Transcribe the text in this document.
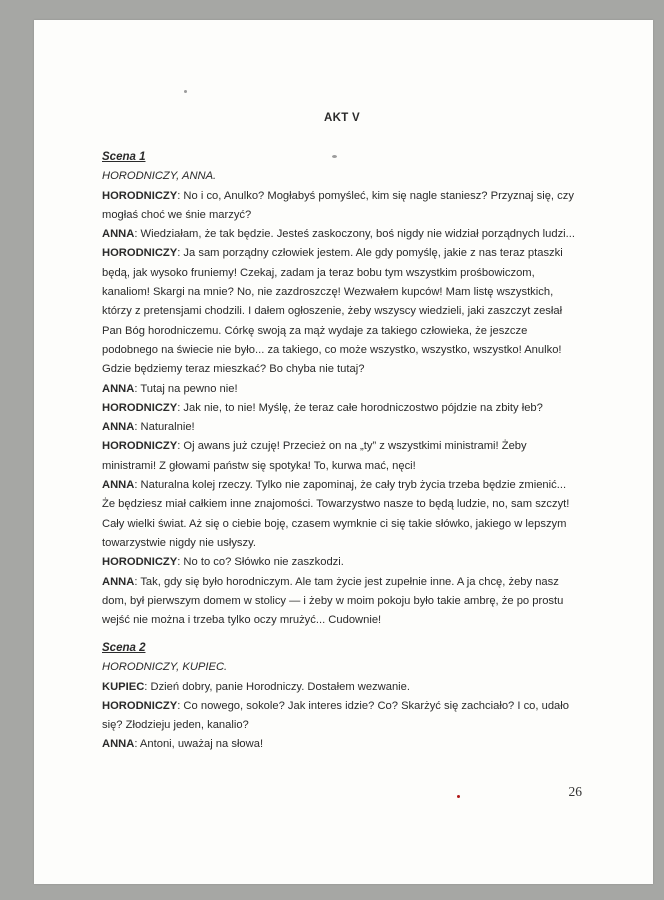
AKT V

Scena 1

HORODNICZY, ANNA.

HORODNICZY: No i co, Anulko? Mogłabyś pomyśleć, kim się nagle staniesz? Przyznaj się, czy mogłaś choć we śnie marzyć?

ANNA: Wiedziałam, że tak będzie. Jesteś zaskoczony, boś nigdy nie widział porządnych ludzi...

HORODNICZY: Ja sam porządny człowiek jestem. Ale gdy pomyślę, jakie z nas teraz ptaszki będą, jak wysoko fruniemy! Czekaj, zadam ja teraz bobu tym wszystkim prośbowiczom, kanaliom! Skargi na mnie? No, nie zazdroszczę! Wezwałem kupców! Mam listę wszystkich, którzy z pretensjami chodzili. I dałem ogłoszenie, żeby wszyscy wiedzieli, jaki zaszczyt zesłał Pan Bóg horodniczemu. Córkę swoją za mąż wydaje za takiego człowieka, że jeszcze podobnego na świecie nie było... za takiego, co może wszystko, wszystko, wszystko! Anulko! Gdzie będziemy teraz mieszkać? Bo chyba nie tutaj?

ANNA: Tutaj na pewno nie!

HORODNICZY: Jak nie, to nie! Myślę, że teraz całe horodniczostwo pójdzie na zbity łeb?

ANNA: Naturalnie!

HORODNICZY: Oj awans już czuję! Przecież on na „ty” z wszystkimi ministrami! Żeby ministrami! Z głowami państw się spotyka! To, kurwa mać, nęci!

ANNA: Naturalna kolej rzeczy. Tylko nie zapominaj, że cały tryb życia trzeba będzie zmienić... Że będziesz miał całkiem inne znajomości. Towarzystwo nasze to będą ludzie, no, sam szczyt! Cały wielki świat. Aż się o ciebie boję, czasem wymknie ci się takie słówko, jakiego w lepszym towarzystwie nigdy nie usłyszy.

HORODNICZY: No to co? Słówko nie zaszkodzi.

ANNA: Tak, gdy się było horodniczym. Ale tam życie jest zupełnie inne. A ja chcę, żeby nasz dom, był pierwszym domem w stolicy — i żeby w moim pokoju było takie ambrę, że po prostu wejść nie można i trzeba tylko oczy mrużyć... Cudownie!

Scena 2

HORODNICZY, KUPIEC.

KUPIEC: Dzień dobry, panie Horodniczy. Dostałem wezwanie.

HORODNICZY: Co nowego, sokole? Jak interes idzie? Co? Skarżyć się zachciało? I co, udało się? Złodzieju jeden, kanalio?

ANNA: Antoni, uważaj na słowa!

26
